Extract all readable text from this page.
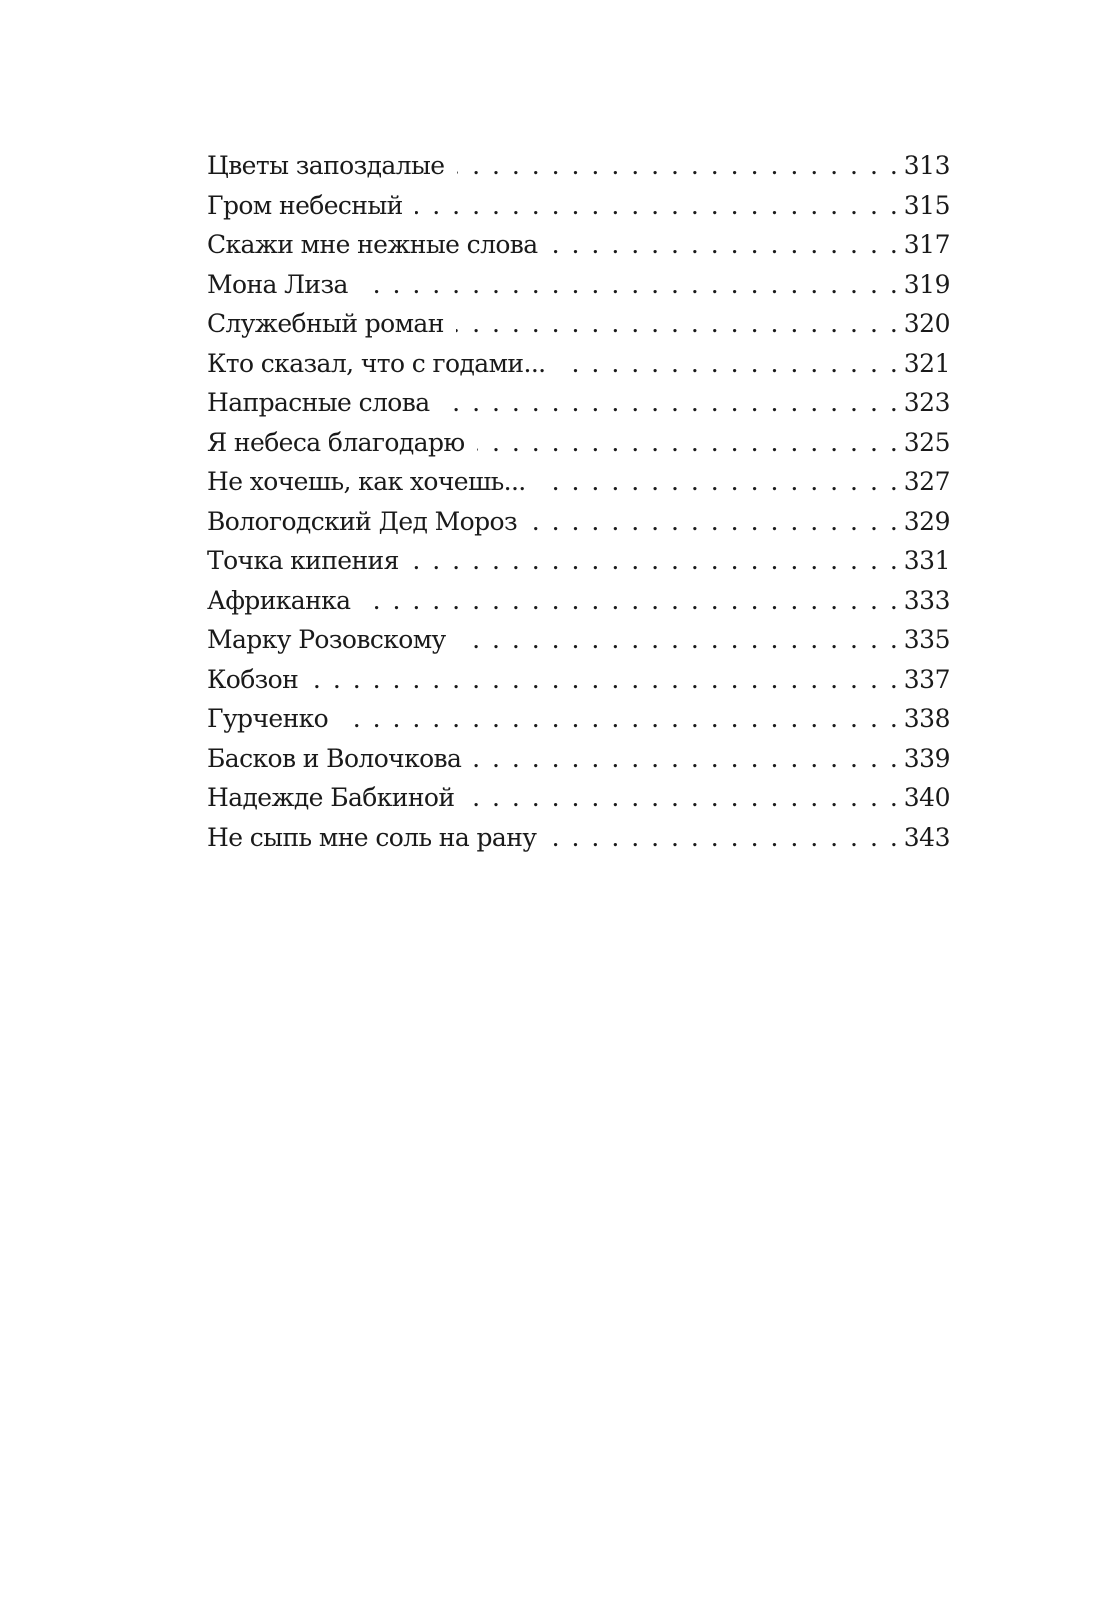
Цветы запоздалые . . .	313
Гром небесный . . .	315
Скажи мне нежные слова . . .	317
Мона Лиза . . .	319
Служебный роман . . .	320
Кто сказал, что с годами... . . .	321
Напрасные слова . . .	323
Я небеса благодарю . . .	325
Не хочешь, как хочешь... . . .	327
Вологодский Дед Мороз . . .	329
Точка кипения . . .	331
Африканка . . .	333
Марку Розовскому . . .	335
Кобзон . . .	337
Гурченко . . .	338
Басков и Волочкова . . .	339
Надежде Бабкиной . . .	340
Не сыпь мне соль на рану . . .	343
